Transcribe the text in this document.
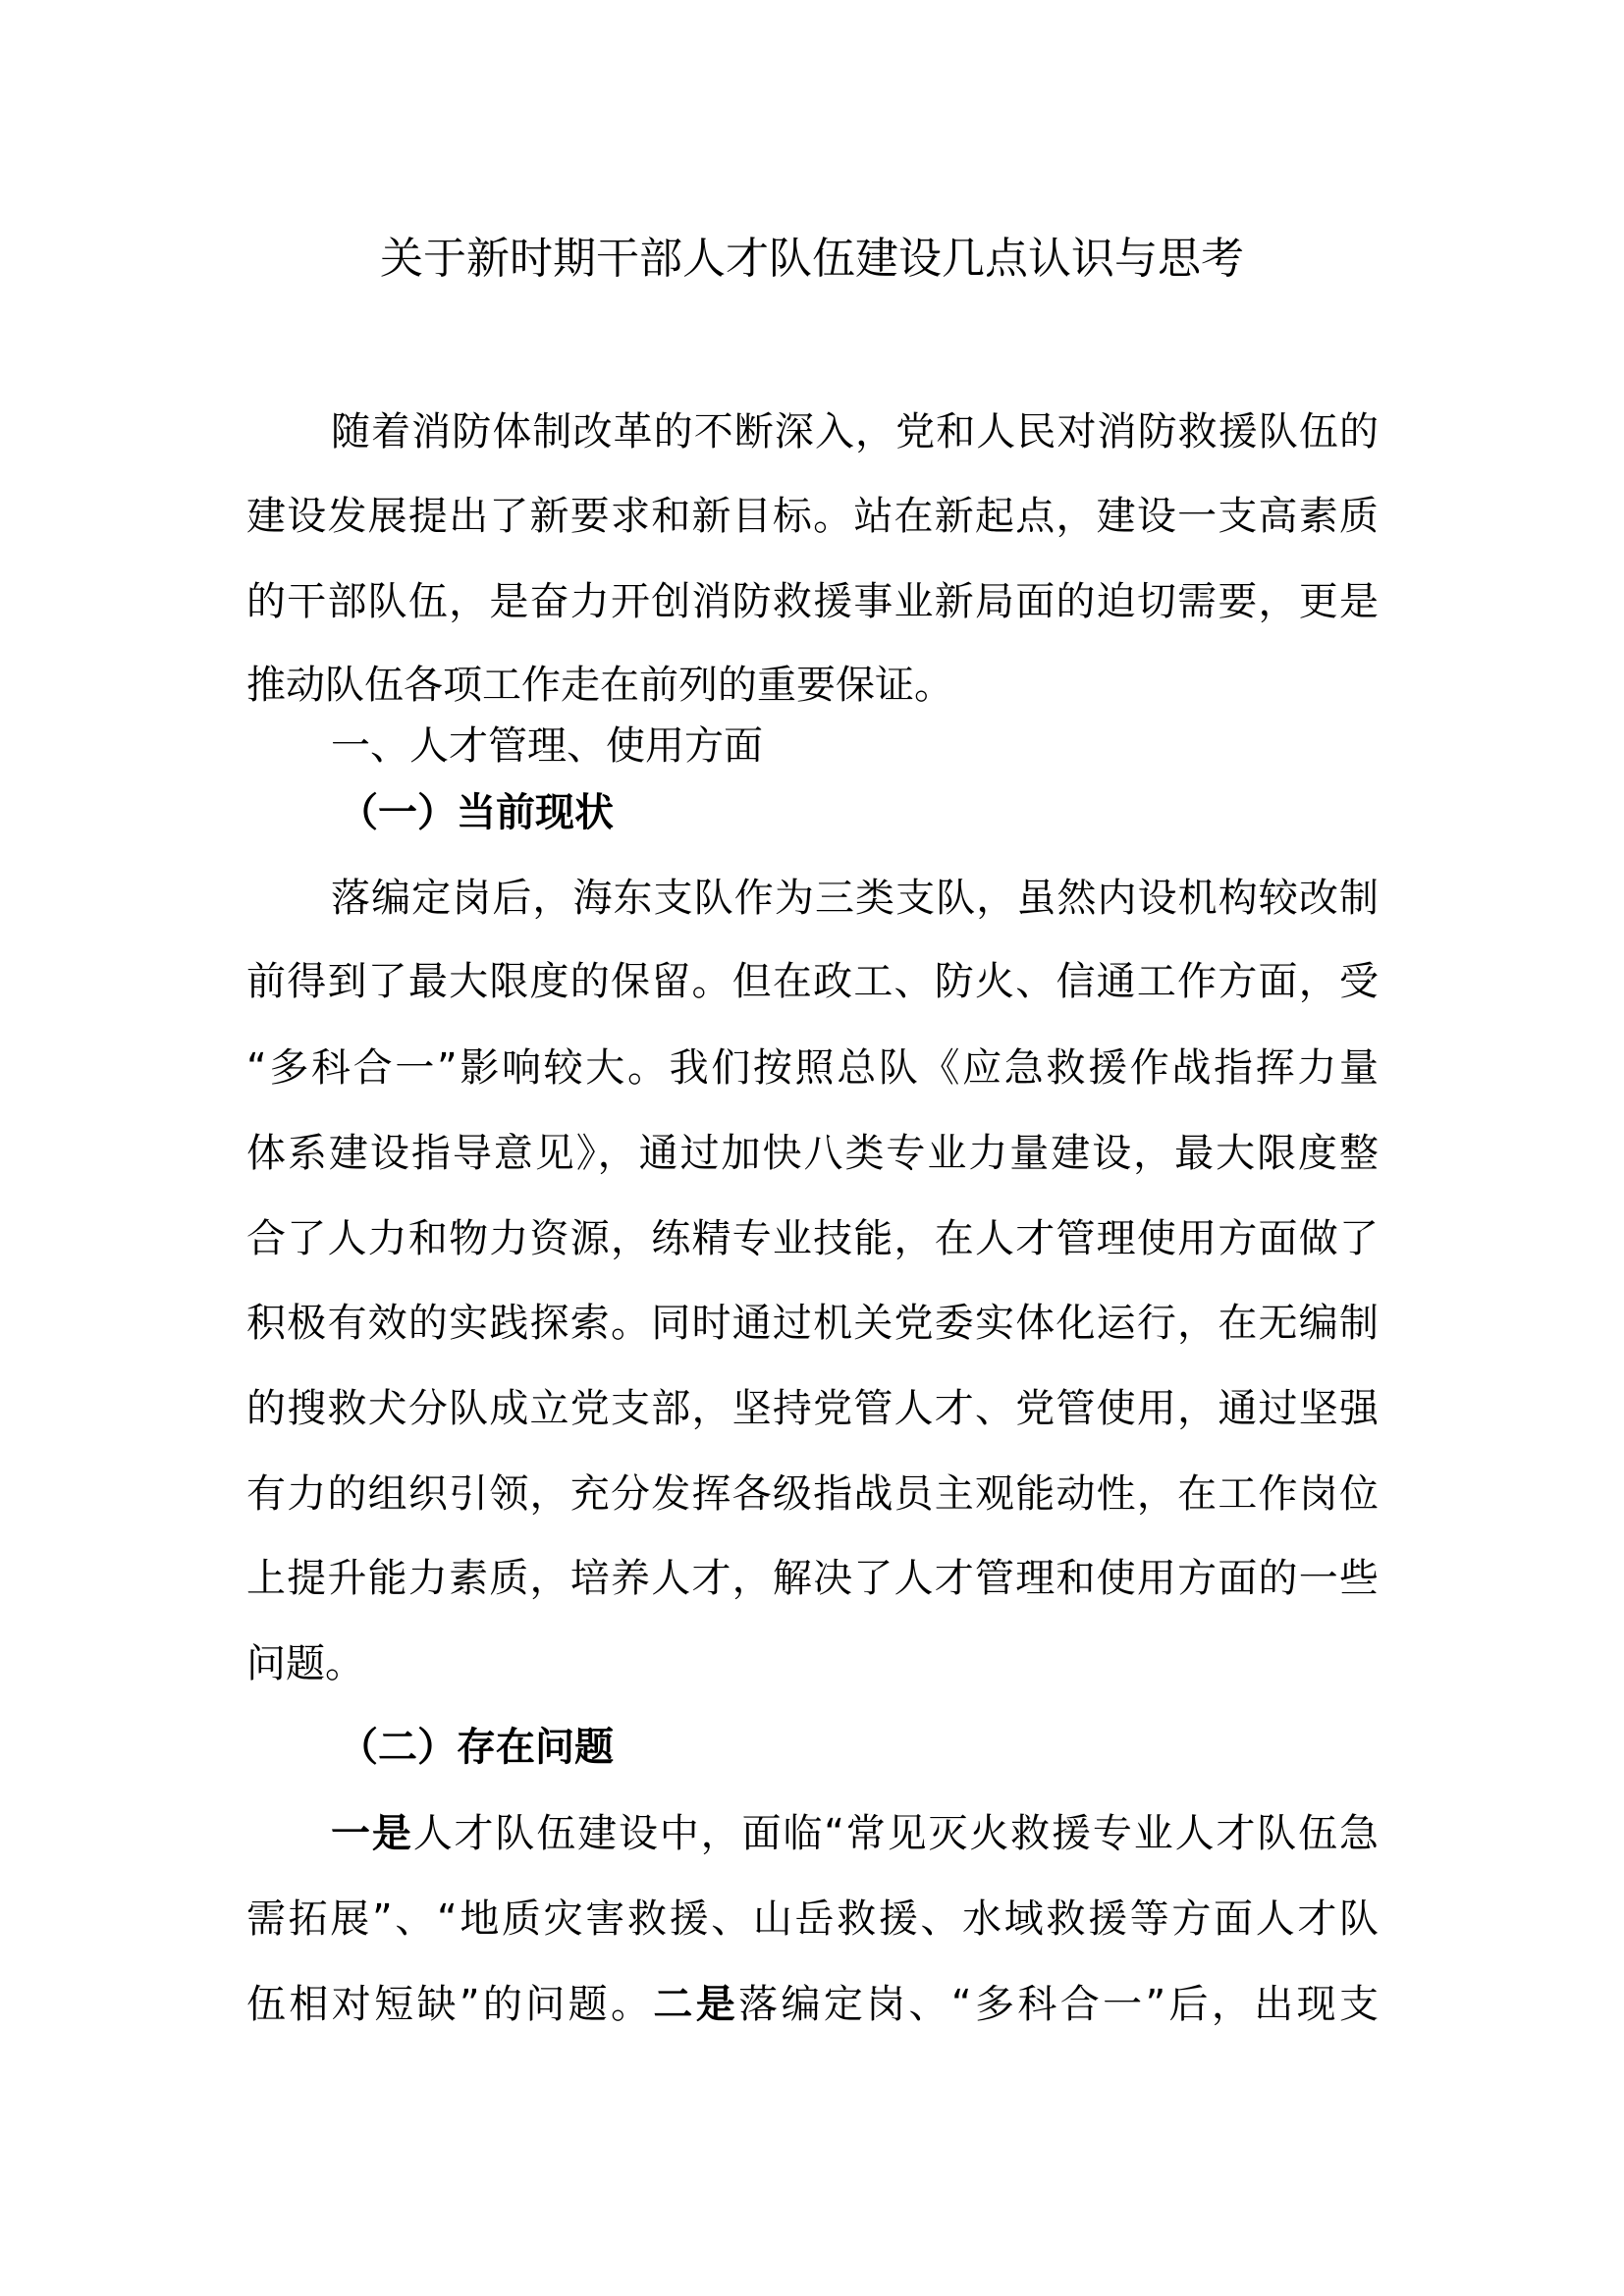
关于新时期干部人才队伍建设几点认识与思考

随着消防体制改革的不断深入，党和人民对消防救援队伍的

建设发展提出了新要求和新目标。站在新起点，建设一支高素质

的干部队伍，是奋力开创消防救援事业新局面的迫切需要，更是

推动队伍各项工作走在前列的重要保证。

一、人才管理、使用方面

（一）当前现状

落编定岗后，海东支队作为三类支队，虽然内设机构较改制

前得到了最大限度的保留。但在政工、防火、信通工作方面，受

“多科合一”影响较大。我们按照总队《应急救援作战指挥力量

体系建设指导意见》，通过加快八类专业力量建设，最大限度整

合了人力和物力资源，练精专业技能，在人才管理使用方面做了

积极有效的实践探索。同时通过机关党委实体化运行，在无编制

的搜救犬分队成立党支部，坚持党管人才、党管使用，通过坚强

有力的组织引领，充分发挥各级指战员主观能动性，在工作岗位

上提升能力素质，培养人才，解决了人才管理和使用方面的一些

问题。

（二）存在问题

一是人才队伍建设中，面临“常见灭火救援专业人才队伍急

需拓展”、“地质灾害救援、山岳救援、水域救援等方面人才队

伍相对短缺”的问题。二是落编定岗、“多科合一”后，出现支
